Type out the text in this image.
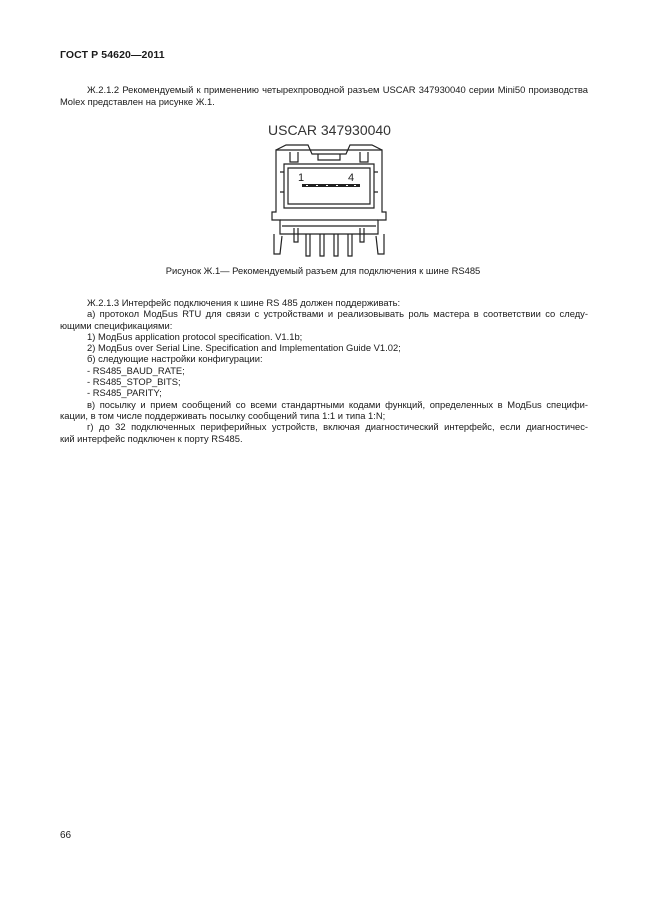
ГОСТ Р 54620—2011
Ж.2.1.2 Рекомендуемый к применению четырехпроводной разъем USCAR 347930040 серии Mini50 производства Molex представлен на рисунке Ж.1.
USCAR 347930040
1	4
Рисунок Ж.1— Рекомендуемый разъем для подключения к шине RS485
Ж.2.1.3 Интерфейс подключения к шине RS 485 должен поддерживать:
а) протокол МодБus RTU для связи с устройствами и реализовывать роль мастера в соответствии со следу-
ющими спецификациями:
1) МодБus application protocol specification. V1.1b;
2) МодБus over Serial Line. Specification and Implementation Guide V1.02;
б) следующие настройки конфигурации:
- RS485_BAUD_RATE;
- RS485_STOP_BITS;
- RS485_PARITY;
в) посылку и прием сообщений со всеми стандартными кодами функций, определенных в МодБus специфи-
кации, в том числе поддерживать посылку сообщений типа 1:1 и типа 1:N;
г) до 32 подключенных периферийных устройств, включая диагностический интерфейс, если диагностичес-
кий интерфейс подключен к порту RS485.
66
